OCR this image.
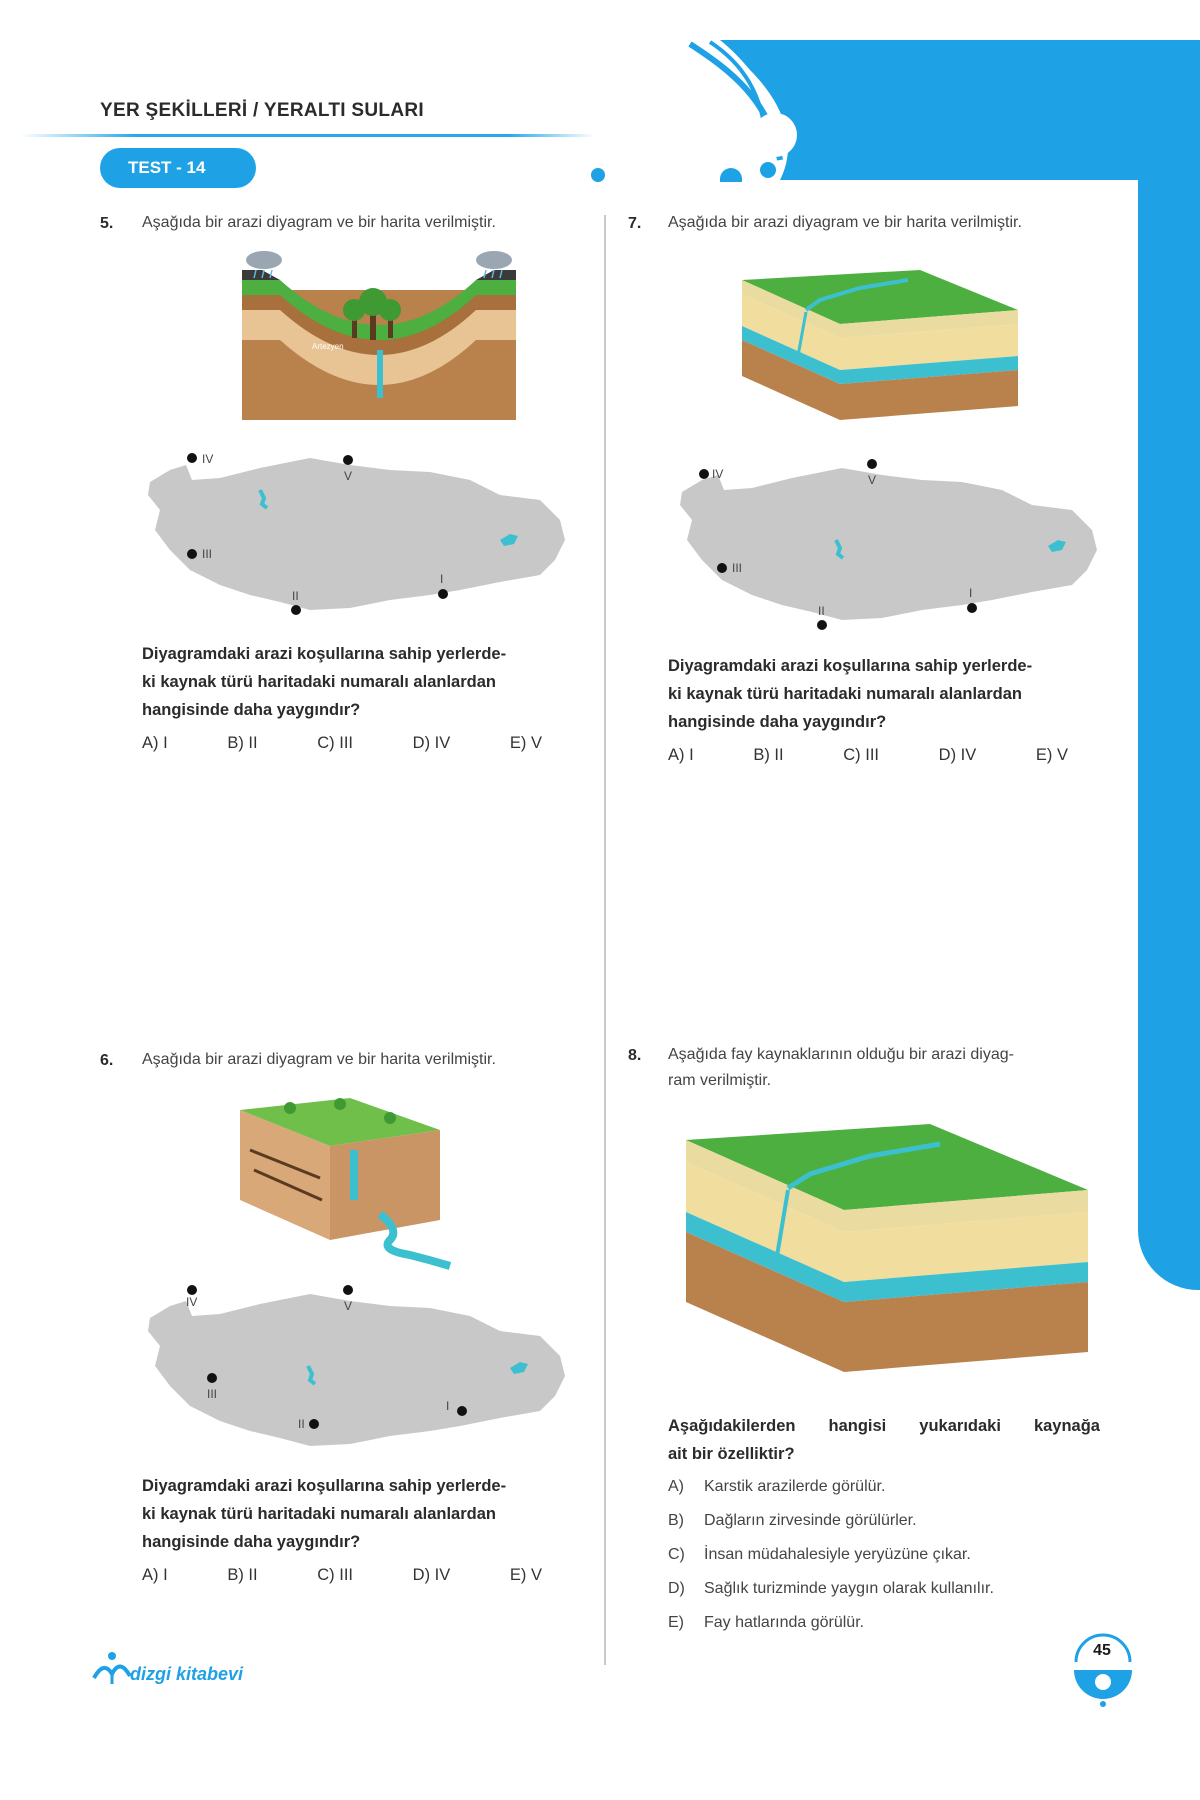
YER ŞEKİLLERİ / YERALTI SULARI
TEST - 14
5. Aşağıda bir arazi diyagram ve bir harita verilmiştir.
Artezyen
IV
V
III
II
I
Diyagramdaki arazi koşullarına sahip yerlerde-
ki kaynak türü haritadaki numaralı alanlardan
hangisinde daha yaygındır?
A) I	B) II	C) III	D) IV	E) V
7. Aşağıda bir arazi diyagram ve bir harita verilmiştir.
IV	V
III
II
I
Diyagramdaki arazi koşullarına sahip yerlerde-
ki kaynak türü haritadaki numaralı alanlardan
hangisinde daha yaygındır?
A) I	B) II	C) III	D) IV	E) V
6. Aşağıda bir arazi diyagram ve bir harita verilmiştir.
IV	V
III
II
I
Diyagramdaki arazi koşullarına sahip yerlerde-
ki kaynak türü haritadaki numaralı alanlardan
hangisinde daha yaygındır?
A) I	B) II	C) III	D) IV	E) V
8. Aşağıda fay kaynaklarının olduğu bir arazi diyag-
ram verilmiştir.
Aşağıdakilerden hangisi yukarıdaki kaynağa
ait bir özelliktir?
A) Karstik arazilerde görülür.
B) Dağların zirvesinde görülürler.
C) İnsan müdahalesiyle yeryüzüne çıkar.
D) Sağlık turizminde yaygın olarak kullanılır.
E) Fay hatlarında görülür.
dizgi kitabevi
45
